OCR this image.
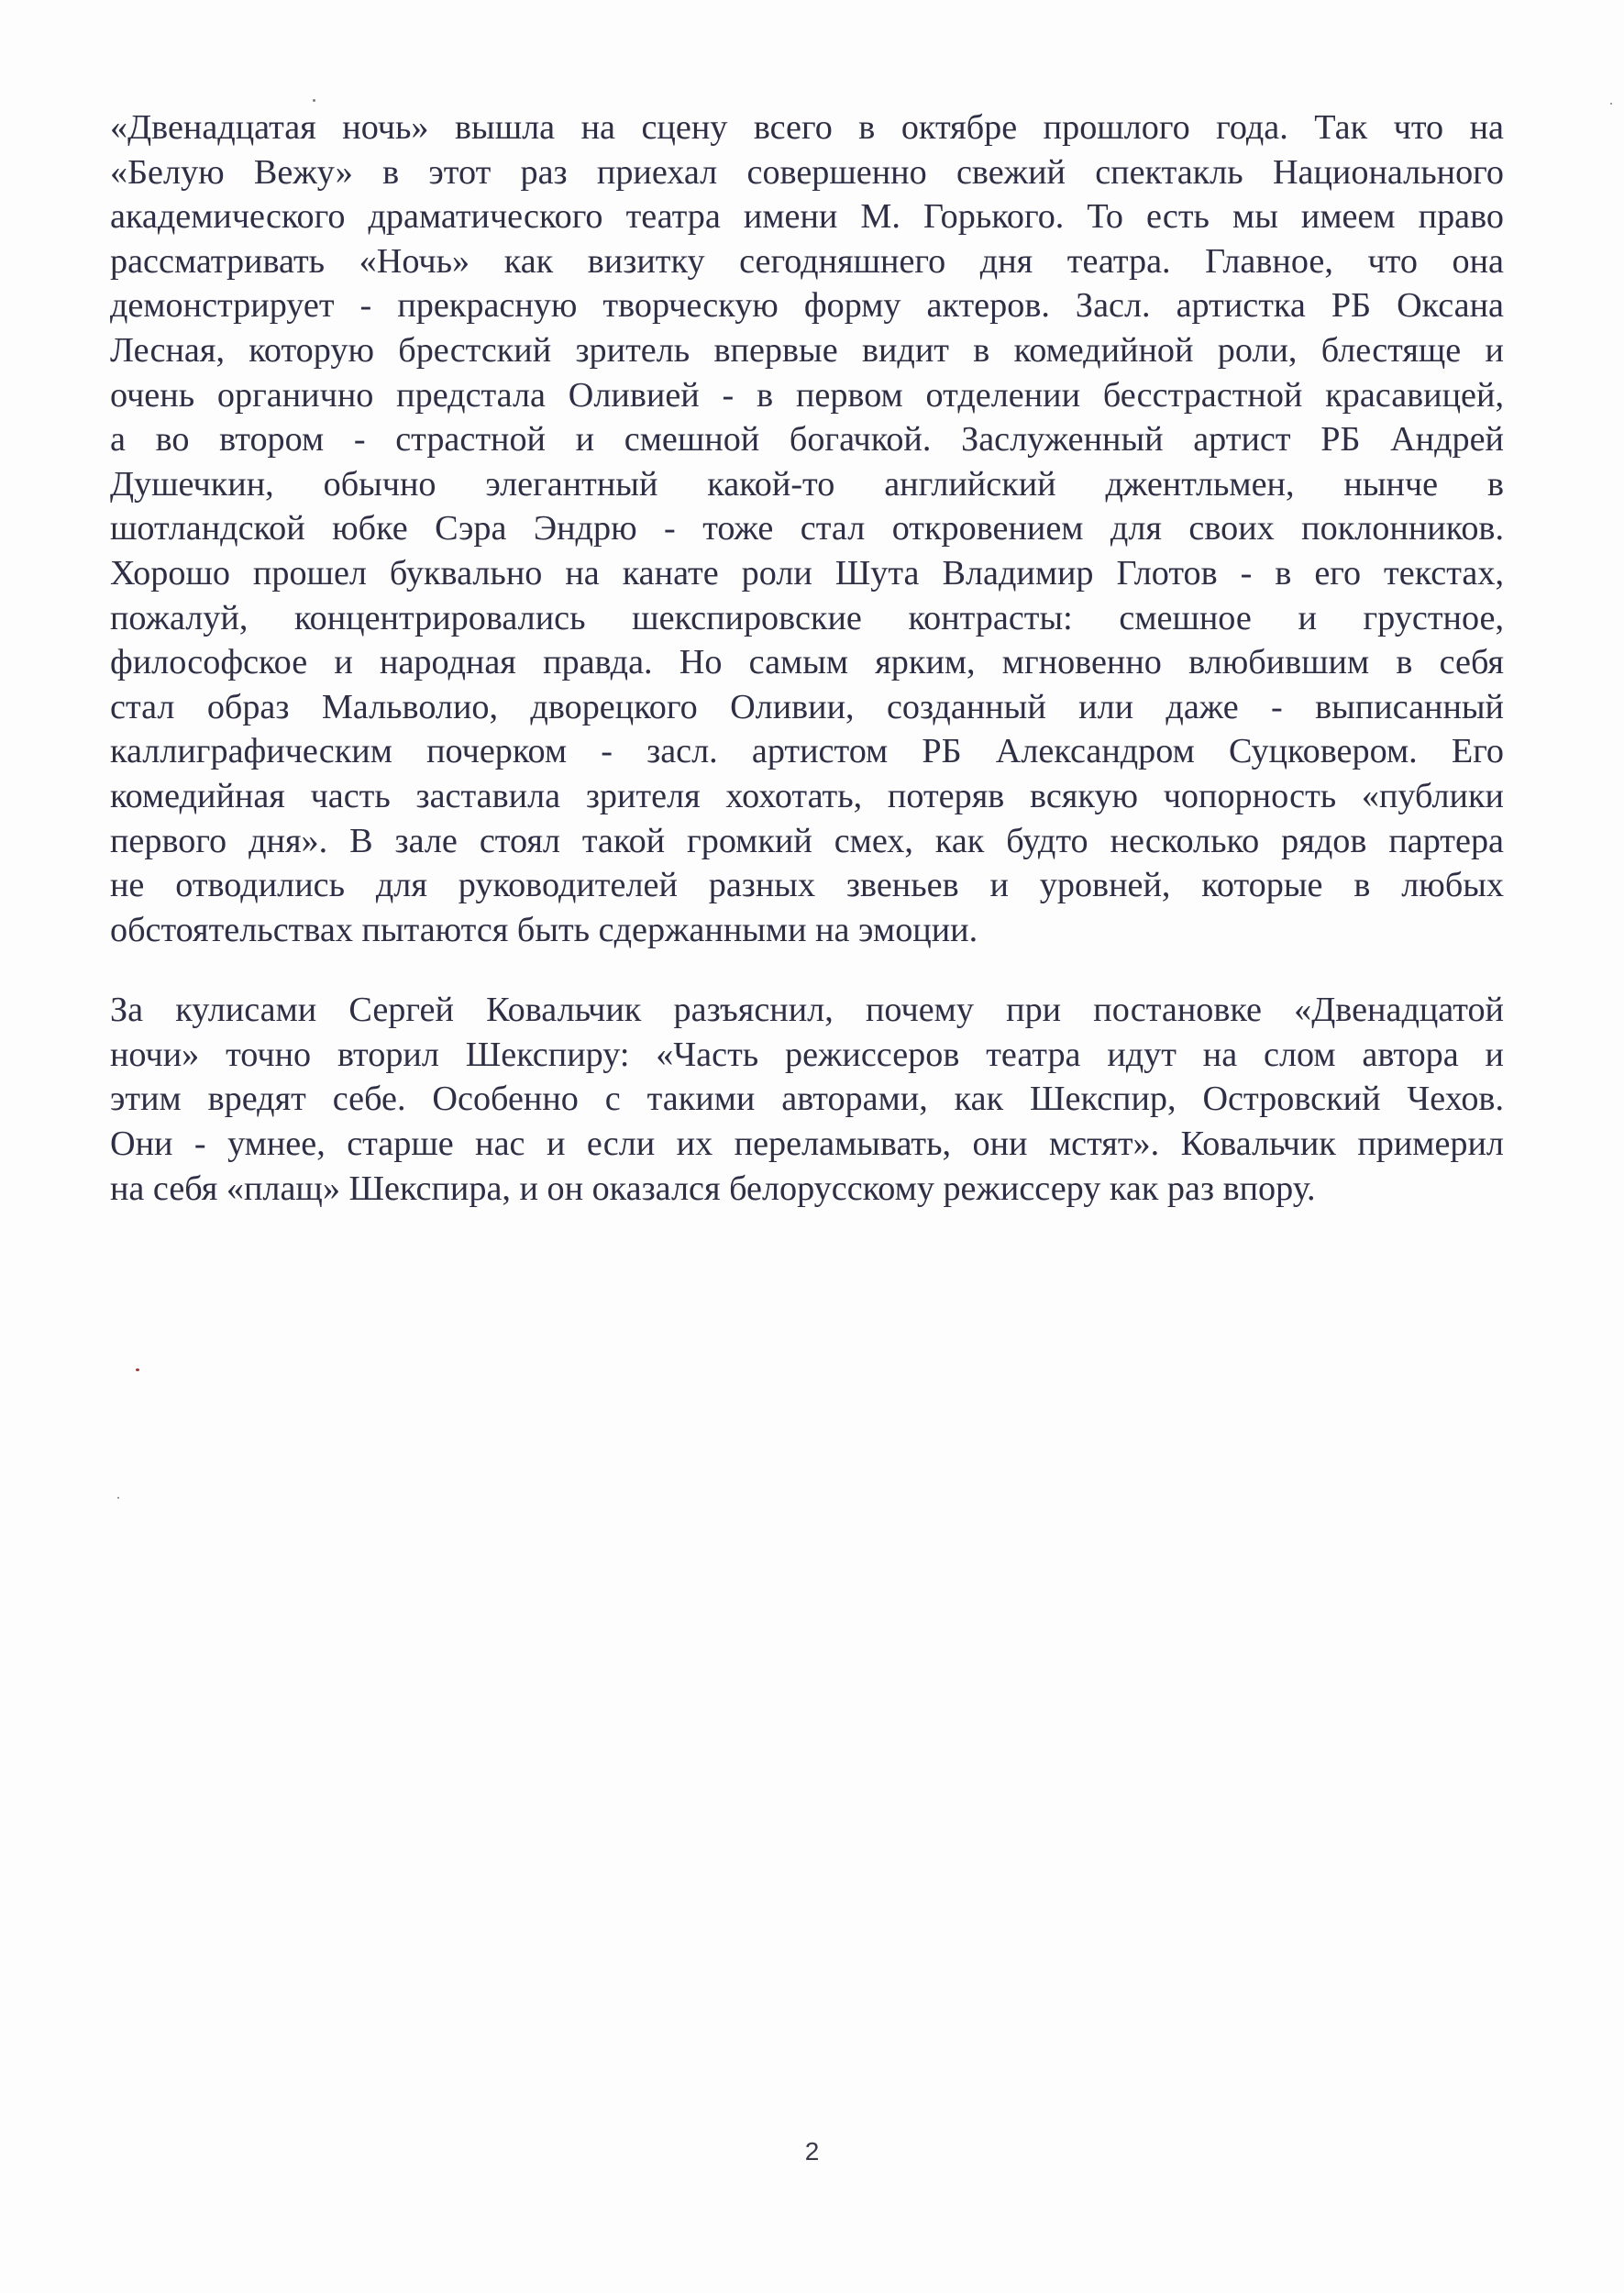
«Двенадцатая ночь» вышла на сцену всего в октябре прошлого года. Так что на
«Белую Вежу» в этот раз приехал совершенно свежий спектакль Национального
академического драматического театра имени М. Горького. То есть мы имеем право
рассматривать «Ночь» как визитку сегодняшнего дня театра. Главное, что она
демонстрирует - прекрасную творческую форму актеров. Засл. артистка РБ Оксана
Лесная, которую брестский зритель впервые видит в комедийной роли, блестяще и
очень органично предстала Оливией - в первом отделении бесстрастной красавицей,
а во втором - страстной и смешной богачкой. Заслуженный артист РБ Андрей
Душечкин, обычно элегантный какой-то английский джентльмен, нынче в
шотландской юбке Сэра Эндрю - тоже стал откровением для своих поклонников.
Хорошо прошел буквально на канате роли Шута Владимир Глотов - в его текстах,
пожалуй, концентрировались шекспировские контрасты: смешное и грустное,
философское и народная правда. Но самым ярким, мгновенно влюбившим в себя
стал образ Мальволио, дворецкого Оливии, созданный или даже - выписанный
каллиграфическим почерком - засл. артистом РБ Александром Суцковером. Его
комедийная часть заставила зрителя хохотать, потеряв всякую чопорность «публики
первого дня». В зале стоял такой громкий смех, как будто несколько рядов партера
не отводились для руководителей разных звеньев и уровней, которые в любых
обстоятельствах пытаются быть сдержанными на эмоции.
За кулисами Сергей Ковальчик разъяснил, почему при постановке «Двенадцатой
ночи» точно вторил Шекспиру: «Часть режиссеров театра идут на слом автора и
этим вредят себе. Особенно с такими авторами, как Шекспир, Островский Чехов.
Они - умнее, старше нас и если их переламывать, они мстят». Ковальчик примерил
на себя «плащ» Шекспира, и он оказался белорусскому режиссеру как раз впору.
2
